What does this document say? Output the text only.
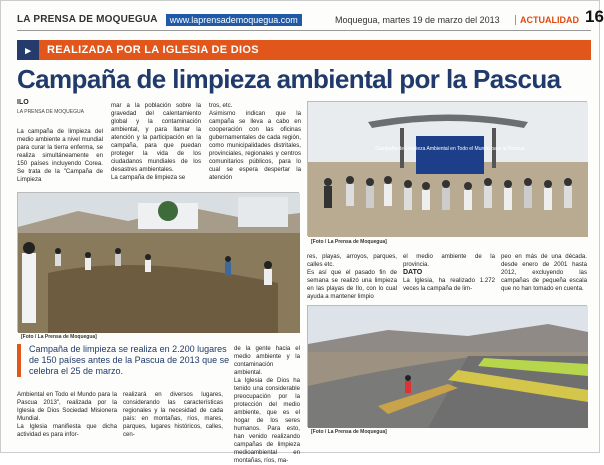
LA PRENSA DE MOQUEGUA	www.laprensademoquegua.com	Moquegua, martes 19 de marzo del 2013	ACTUALIDAD 16
▸	REALIZADA POR LA IGLESIA DE DIOS
Campaña de limpieza ambiental por la Pascua
ILO
LA PRENSA DE MOQUEGUA
La campaña de limpieza del medio ambiente a nivel mundial para curar la tierra enferma, se realiza simultáneamente en 150 países incluyendo Corea. Se trata de la "Campaña de Limpieza
mar a la población sobre la gravedad del calentamiento global y la contaminación ambiental, y para llamar la atención y la participación en la campaña, para que puedan proteger la vida de los ciudadanos mundiales de los desastres ambientales.
La campaña de limpieza se
tros, etc.
Asimismo indican que la campaña se lleva a cabo en cooperación con las oficinas gubernamentales de cada región, como municipalidades distritales, provinciales, regionales y centros comunitarios públicos, para lo cual se espera despertar la atención
Campaña de Limpieza Ambiental en Todo el Mundo para la Pascua
[Foto / La Prensa de Moquegua]
[Foto / La Prensa de Moquegua]
res, playas, arroyos, parques, calles etc.
Es así que el pasado fin de semana se realizó una limpieza en las playas de Ilo, con lo cual ayuda a mantener limpio
el medio ambiente de la provincia.
DATO
La Iglesia, ha realizado 1.272 veces la campaña de lim-
peo en más de una década. desde enero de 2001 hasta 2012, excluyendo las campañas de pequeña escala que no han tomado en cuenta.
[Foto / La Prensa de Moquegua]
Campaña de limpieza se realiza en 2.200 lugares de 150 países antes de la Pascua de 2013 que se celebra el 25 de marzo.
Ambiental en Todo el Mundo para la Pascua 2013", realizada por la Iglesia de Dios Sociedad Misionera Mundial.
La Iglesia manifiesta que dicha actividad es para infor-
realizará en diversos lugares, considerando las características regionales y la necesidad de cada país: en montañas, ríos, mares, parques, lugares históricos, calles, cen-
de la gente hacia el medio ambiente y la contaminación ambiental.
La Iglesia de Dios ha tenido una considerable preocupación por la protección del medio ambiente, que es el hogar de los seres humanos. Para esto, han venido realizando campañas de limpieza medioambiental en montañas, ríos, ma-
